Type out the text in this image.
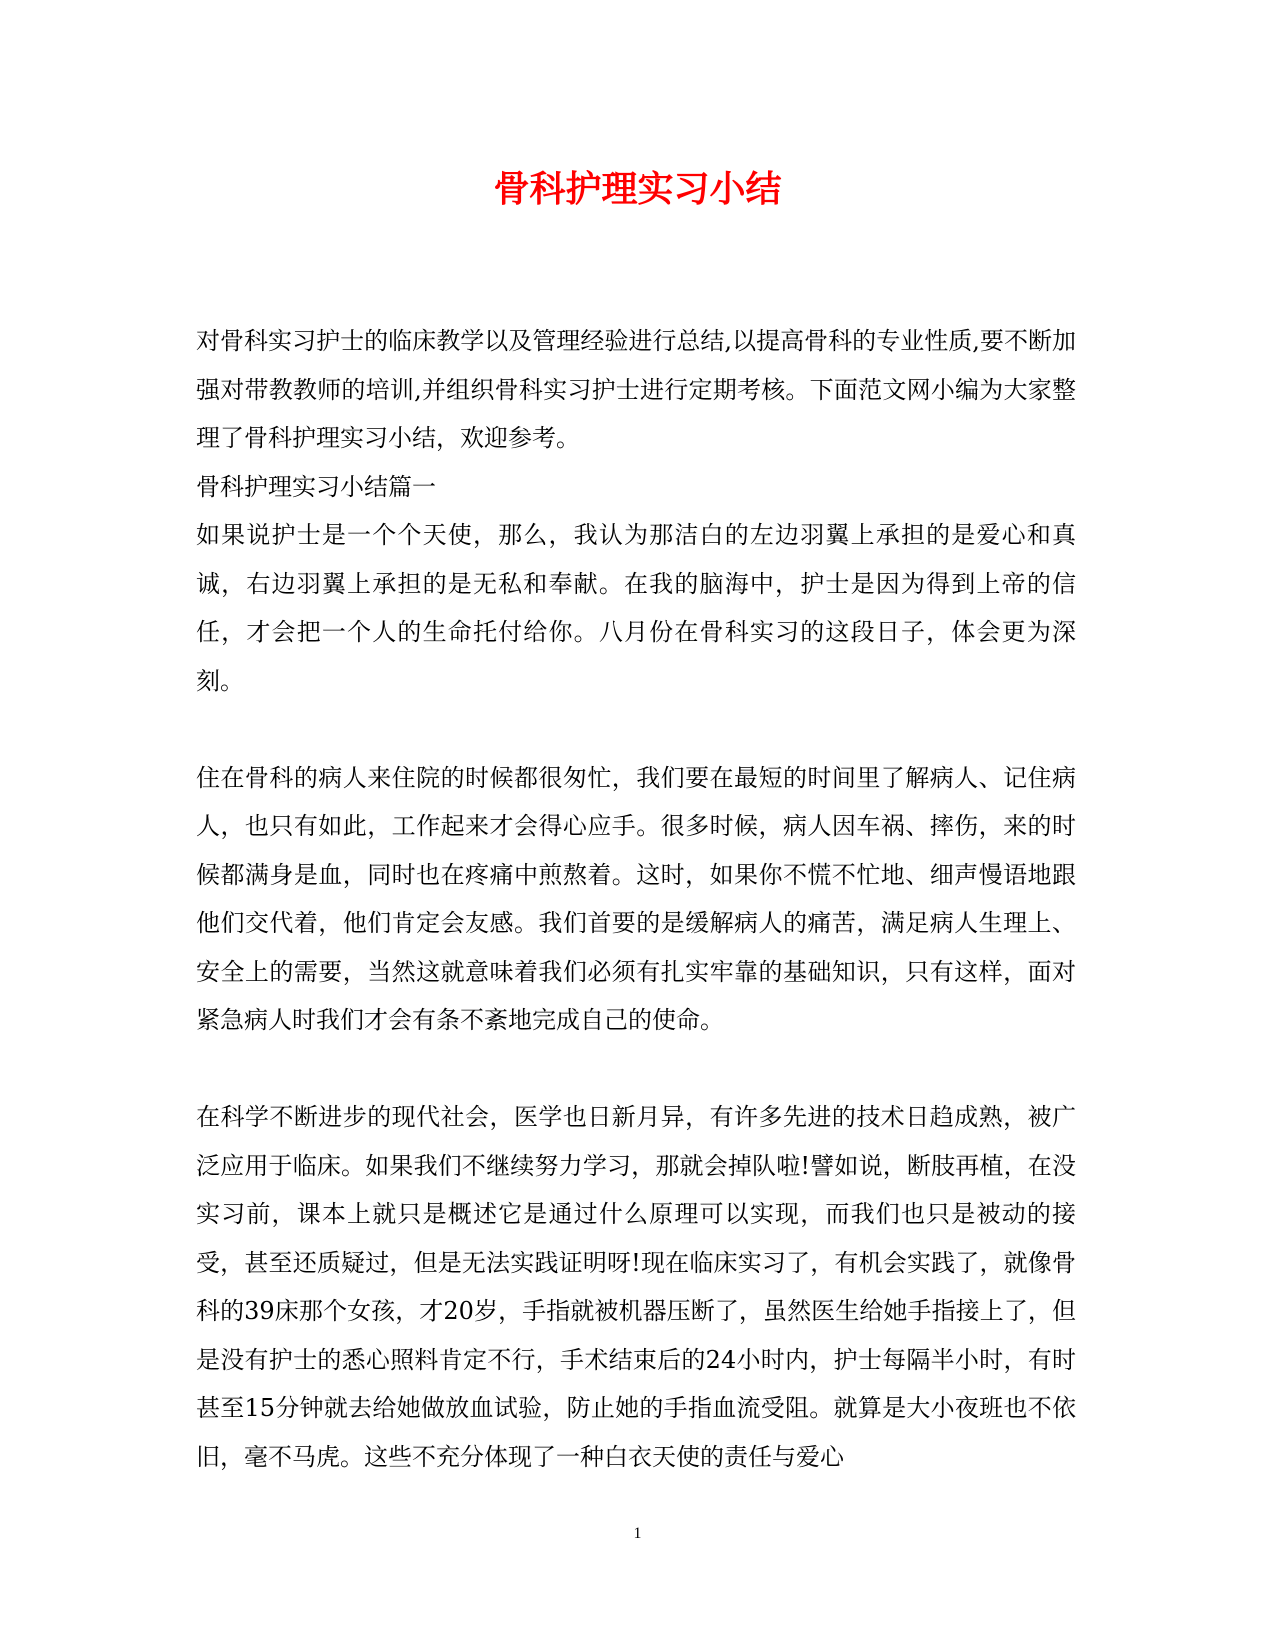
骨科护理实习小结

对骨科实习护士的临床教学以及管理经验进行总结,以提高骨科的专业性质,要不断加强对带教教师的培训,并组织骨科实习护士进行定期考核。下面范文网小编为大家整理了骨科护理实习小结，欢迎参考。

骨科护理实习小结篇一

如果说护士是一个个天使，那么，我认为那洁白的左边羽翼上承担的是爱心和真诚，右边羽翼上承担的是无私和奉献。在我的脑海中，护士是因为得到上帝的信任，才会把一个人的生命托付给你。八月份在骨科实习的这段日子，体会更为深刻。

住在骨科的病人来住院的时候都很匆忙，我们要在最短的时间里了解病人、记住病人，也只有如此，工作起来才会得心应手。很多时候，病人因车祸、摔伤，来的时候都满身是血，同时也在疼痛中煎熬着。这时，如果你不慌不忙地、细声慢语地跟他们交代着，他们肯定会友感。我们首要的是缓解病人的痛苦，满足病人生理上、安全上的需要，当然这就意味着我们必须有扎实牢靠的基础知识，只有这样，面对紧急病人时我们才会有条不紊地完成自己的使命。

在科学不断进步的现代社会，医学也日新月异，有许多先进的技术日趋成熟，被广泛应用于临床。如果我们不继续努力学习，那就会掉队啦!譬如说，断肢再植，在没实习前，课本上就只是概述它是通过什么原理可以实现，而我们也只是被动的接受，甚至还质疑过，但是无法实践证明呀!现在临床实习了，有机会实践了，就像骨科的39床那个女孩，才20岁，手指就被机器压断了，虽然医生给她手指接上了，但是没有护士的悉心照料肯定不行，手术结束后的24小时内，护士每隔半小时，有时甚至15分钟就去给她做放血试验，防止她的手指血流受阻。就算是大小夜班也不依旧，毫不马虎。这些不充分体现了一种白衣天使的责任与爱心

1
